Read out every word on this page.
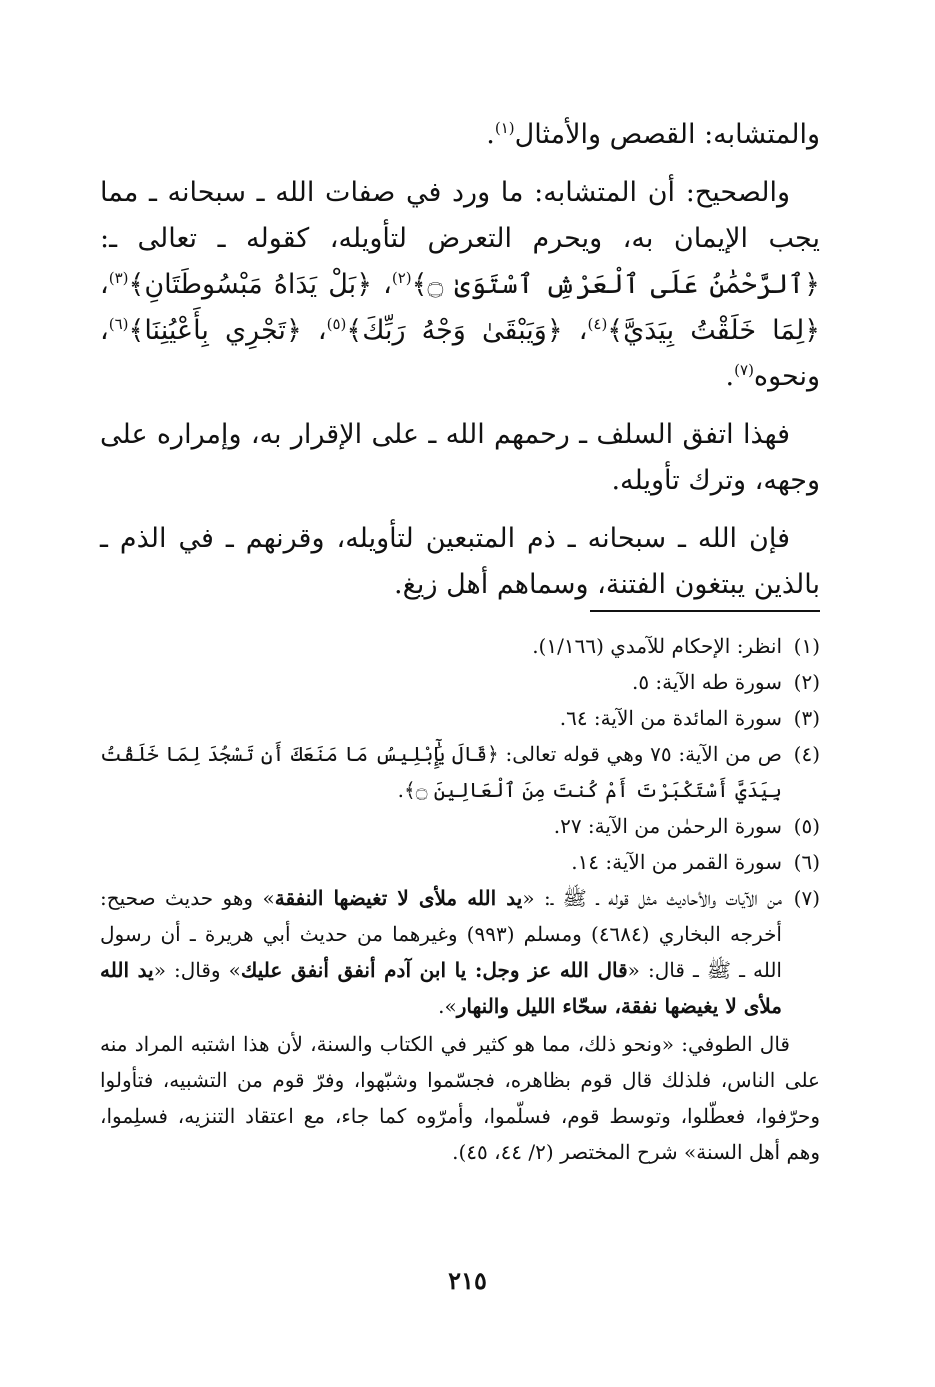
والمتشابه: القصص والأمثال$^{(١)}$.

والصحيح: أن المتشابه: ما ورد في صفات الله ـ سبحانه ـ مما يجب الإيمان به، ويحرم التعرض لتأويله، كقوله ـ تعالى ـ: ﴿ٱلرَّحْمَٰنُ عَلَى ٱلْعَرْشِ ٱسْتَوَىٰ ۝﴾$^{(٢)}$، ﴿بَلْ يَدَاهُ مَبْسُوطَتَانِ﴾$^{(٣)}$، ﴿لِمَا خَلَقْتُ بِيَدَيَّ﴾$^{(٤)}$، ﴿وَيَبْقَىٰ وَجْهُ رَبِّكَ﴾$^{(٥)}$، ﴿تَجْرِي بِأَعْيُنِنَا﴾$^{(٦)}$، ونحوه$^{(٧)}$.

فهذا اتفق السلف ـ رحمهم الله ـ على الإقرار به، وإمراره على وجهه، وترك تأويله.

فإن الله ـ سبحانه ـ ذم المتبعين لتأويله، وقرنهم ـ في الذم ـ بالذين يبتغون الفتنة، وسماهم أهل زيغ.

(١)
انظر: الإحكام للآمدي (١/١٦٦).
(٢)
سورة طه الآية: ٥.
(٣)
سورة المائدة من الآية: ٦٤.
(٤)
ص من الآية: ٧٥ وهي قوله تعالى: ﴿قَالَ يَٰٓإِبْلِيسُ مَا مَنَعَكَ أَن تَسْجُدَ لِمَا خَلَقْتُ بِيَدَيَّ أَسْتَكْبَرْتَ أَمْ كُنتَ مِنَ ٱلْعَالِينَ ۝﴾.
(٥)
سورة الرحمٰن من الآية: ٢٧.
(٦)
سورة القمر من الآية: ١٤.
(٧)
من الآيات والأحاديث مثل قوله ـ ﷺ ـ: «يد الله ملأى لا تغيضها النفقة» وهو حديث صحيح: أخرجه البخاري (٤٦٨٤) ومسلم (٩٩٣) وغيرهما من حديث أبي هريرة ـ أن رسول الله ـ ﷺ ـ قال: «قال الله عز وجل: يا ابن آدم أنفق أنفق عليك» وقال: «يد الله ملأى لا يغيضها نفقة، سحّاء الليل والنهار».
قال الطوفي: «ونحو ذلك، مما هو كثير في الكتاب والسنة، لأن هذا اشتبه المراد منه على الناس، فلذلك قال قوم بظاهره، فجسّموا وشبّهوا، وفرّ قوم من التشبيه، فتأولوا وحرّفوا، فعطّلوا، وتوسط قوم، فسلّموا، وأمرّوه كما جاء، مع اعتقاد التنزيه، فسلِموا، وهم أهل السنة» شرح المختصر (٢/ ٤٤، ٤٥).
٢١٥
